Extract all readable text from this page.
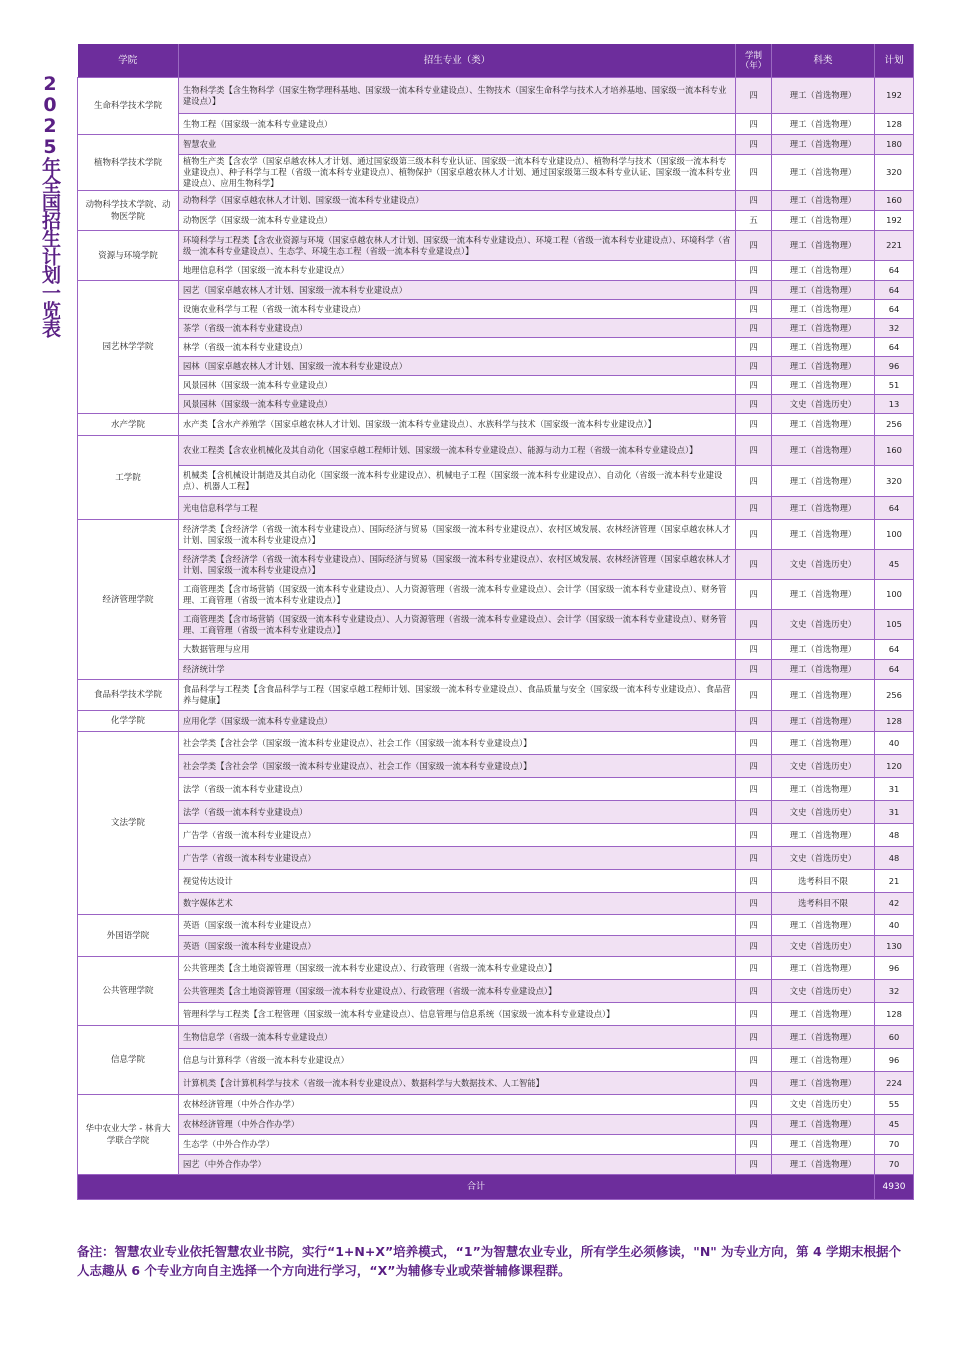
2025年全国招生计划一览表
学院	招生专业（类）	学制（年）	科类	计划
生命科学技术学院	生物科学类【含生物科学（国家生物学理科基地、国家级一流本科专业建设点）、生物技术（国家生命科学与技术人才培养基地、国家级一流本科专业建设点）】	四	理工（首选物理）	192
	生物工程（国家级一流本科专业建设点）	四	理工（首选物理）	128
植物科学技术学院	智慧农业	四	理工（首选物理）	180
	植物生产类【含农学（国家卓越农林人才计划、通过国家级第三级本科专业认证、国家级一流本科专业建设点）、植物科学与技术（国家级一流本科专业建设点）、种子科学与工程（省级一流本科专业建设点）、植物保护（国家卓越农林人才计划、通过国家级第三级本科专业认证、国家级一流本科专业建设点）、应用生物科学】	四	理工（首选物理）	320
动物科学技术学院、动物医学院	动物科学（国家卓越农林人才计划、国家级一流本科专业建设点）	四	理工（首选物理）	160
	动物医学（国家级一流本科专业建设点）	五	理工（首选物理）	192
资源与环境学院	环境科学与工程类【含农业资源与环境（国家卓越农林人才计划、国家级一流本科专业建设点）、环境工程（省级一流本科专业建设点）、环境科学（省级一流本科专业建设点）、生态学、环境生态工程（省级一流本科专业建设点）】	四	理工（首选物理）	221
	地理信息科学（国家级一流本科专业建设点）	四	理工（首选物理）	64
园艺林学学院	园艺（国家卓越农林人才计划、国家级一流本科专业建设点）	四	理工（首选物理）	64
	设施农业科学与工程（省级一流本科专业建设点）	四	理工（首选物理）	64
	茶学（省级一流本科专业建设点）	四	理工（首选物理）	32
	林学（省级一流本科专业建设点）	四	理工（首选物理）	64
	园林（国家卓越农林人才计划、国家级一流本科专业建设点）	四	理工（首选物理）	96
	风景园林（国家级一流本科专业建设点）	四	理工（首选物理）	51
	风景园林（国家级一流本科专业建设点）	四	文史（首选历史）	13
水产学院	水产类【含水产养殖学（国家卓越农林人才计划、国家级一流本科专业建设点）、水族科学与技术（国家级一流本科专业建设点）】	四	理工（首选物理）	256
工学院	农业工程类【含农业机械化及其自动化（国家卓越工程师计划、国家级一流本科专业建设点）、能源与动力工程（省级一流本科专业建设点）】	四	理工（首选物理）	160
	机械类【含机械设计制造及其自动化（国家级一流本科专业建设点）、机械电子工程（国家级一流本科专业建设点）、自动化（省级一流本科专业建设点）、机器人工程】	四	理工（首选物理）	320
	光电信息科学与工程	四	理工（首选物理）	64
经济管理学院	经济学类【含经济学（省级一流本科专业建设点）、国际经济与贸易（国家级一流本科专业建设点）、农村区域发展、农林经济管理（国家卓越农林人才计划、国家级一流本科专业建设点）】	四	理工（首选物理）	100
	经济学类【含经济学（省级一流本科专业建设点）、国际经济与贸易（国家级一流本科专业建设点）、农村区域发展、农林经济管理（国家卓越农林人才计划、国家级一流本科专业建设点）】	四	文史（首选历史）	45
	工商管理类【含市场营销（国家级一流本科专业建设点）、人力资源管理（省级一流本科专业建设点）、会计学（国家级一流本科专业建设点）、财务管理、工商管理（省级一流本科专业建设点）】	四	理工（首选物理）	100
	工商管理类【含市场营销（国家级一流本科专业建设点）、人力资源管理（省级一流本科专业建设点）、会计学（国家级一流本科专业建设点）、财务管理、工商管理（省级一流本科专业建设点）】	四	文史（首选历史）	105
	大数据管理与应用	四	理工（首选物理）	64
	经济统计学	四	理工（首选物理）	64
食品科学技术学院	食品科学与工程类【含食品科学与工程（国家卓越工程师计划、国家级一流本科专业建设点）、食品质量与安全（国家级一流本科专业建设点）、食品营养与健康】	四	理工（首选物理）	256
化学学院	应用化学（国家级一流本科专业建设点）	四	理工（首选物理）	128
文法学院	社会学类【含社会学（国家级一流本科专业建设点）、社会工作（国家级一流本科专业建设点）】	四	理工（首选物理）	40
	社会学类【含社会学（国家级一流本科专业建设点）、社会工作（国家级一流本科专业建设点）】	四	文史（首选历史）	120
	法学（省级一流本科专业建设点）	四	理工（首选物理）	31
	法学（省级一流本科专业建设点）	四	文史（首选历史）	31
	广告学（省级一流本科专业建设点）	四	理工（首选物理）	48
	广告学（省级一流本科专业建设点）	四	文史（首选历史）	48
	视觉传达设计	四	选考科目不限	21
	数字媒体艺术	四	选考科目不限	42
外国语学院	英语（国家级一流本科专业建设点）	四	理工（首选物理）	40
	英语（国家级一流本科专业建设点）	四	文史（首选历史）	130
公共管理学院	公共管理类【含土地资源管理（国家级一流本科专业建设点）、行政管理（省级一流本科专业建设点）】	四	理工（首选物理）	96
	公共管理类【含土地资源管理（国家级一流本科专业建设点）、行政管理（省级一流本科专业建设点）】	四	文史（首选历史）	32
	管理科学与工程类【含工程管理（国家级一流本科专业建设点）、信息管理与信息系统（国家级一流本科专业建设点）】	四	理工（首选物理）	128
信息学院	生物信息学（省级一流本科专业建设点）	四	理工（首选物理）	60
	信息与计算科学（省级一流本科专业建设点）	四	理工（首选物理）	96
	计算机类【含计算机科学与技术（省级一流本科专业建设点）、数据科学与大数据技术、人工智能】	四	理工（首选物理）	224
华中农业大学 - 林肯大学联合学院	农林经济管理（中外合作办学）	四	文史（首选历史）	55
	农林经济管理（中外合作办学）	四	理工（首选物理）	45
	生态学（中外合作办学）	四	理工（首选物理）	70
	园艺（中外合作办学）	四	理工（首选物理）	70
合计				4930
备注：智慧农业专业依托智慧农业书院，实行“1+N+X”培养模式，“1”为智慧农业专业，所有学生必须修读，"N" 为专业方向，第 4 学期末根据个人志趣从 6 个专业方向自主选择一个方向进行学习，“X”为辅修专业或荣誉辅修课程群。
